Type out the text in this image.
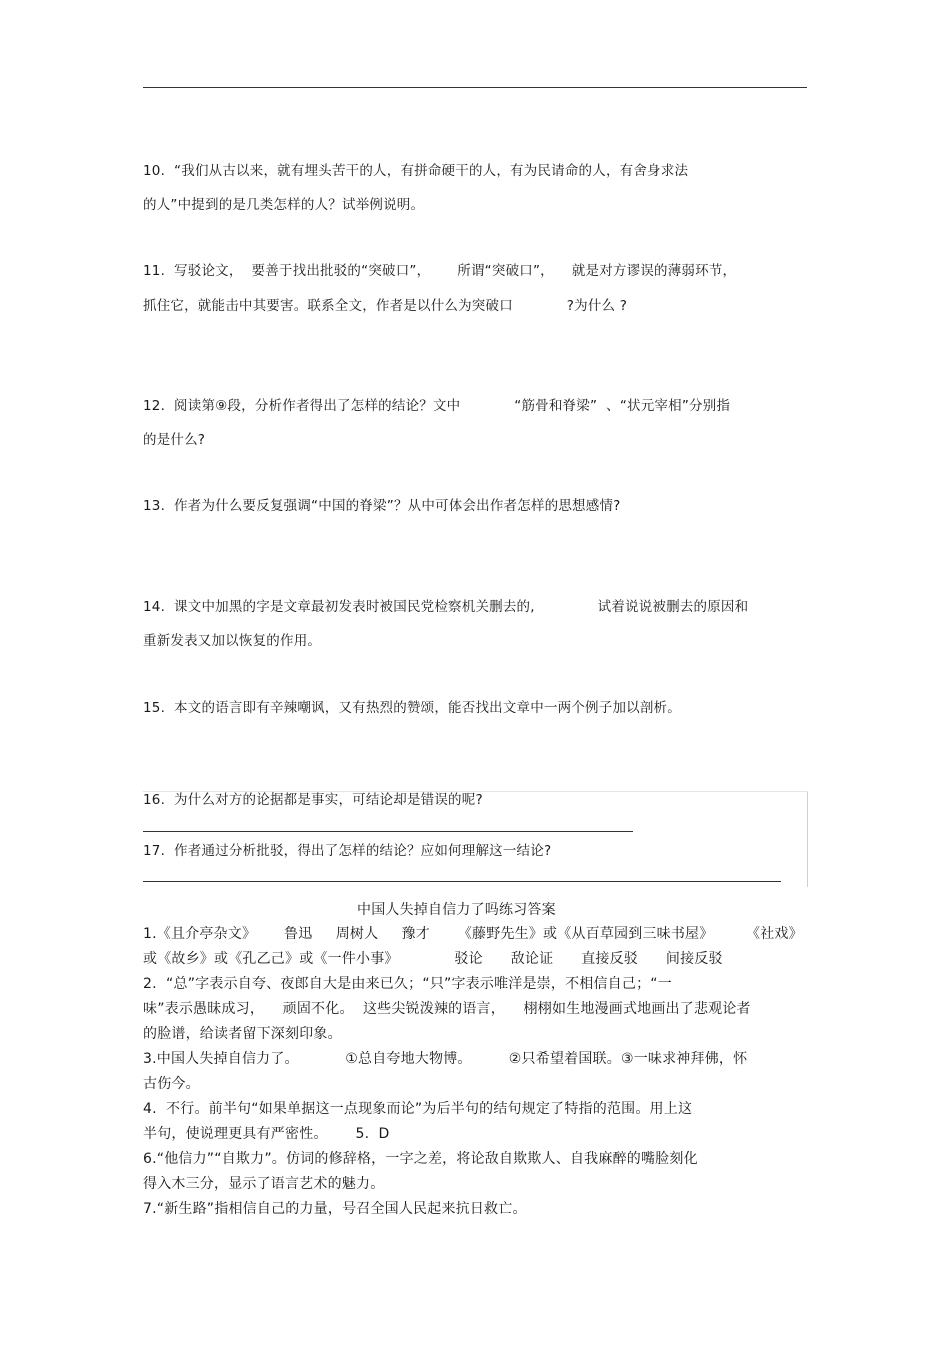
10.  “我们从古以来，就有埋头苦干的人，有拼命硬干的人，有为民请命的人，有舍身求法
的人”中提到的是几类怎样的人？试举例说明。
11.  写驳论文，  要善于找出批驳的“突破口”，      所谓“突破口”，    就是对方谬误的薄弱环节，
抓住它，就能击中其要害。联系全文，作者是以什么为突破口            ?为什么 ?
12.  阅读第⑨段，分析作者得出了怎样的结论？文中            “筋骨和脊梁”  、“状元宰相”分别指
的是什么?
13.  作者为什么要反复强调“中国的脊梁”？从中可体会出作者怎样的思想感情?
14.  课文中加黑的字是文章最初发表时被国民党检察机关删去的,              试着说说被删去的原因和
重新发表又加以恢复的作用。
15.  本文的语言即有辛辣嘲讽，又有热烈的赞颂，能否找出文章中一两个例子加以剖析。
16.  为什么对方的论据都是事实，可结论却是错误的呢?
17.  作者通过分析批驳，得出了怎样的结论？应如何理解这一结论?
中国人失掉自信力了吗练习答案
1.《且介亭杂文》      鲁迅     周树人     豫才      《藤野先生》或《从百草园到三味书屋》       《社戏》
或《故乡》或《孔乙己》或《一件小事》            驳论      敌论证      直接反驳      间接反驳
2.  “总”字表示自夸、夜郎自大是由来已久；“只”字表示唯洋是崇，不相信自己；“一
味”表示愚昧成习，    顽固不化。  这些尖锐泼辣的语言，    栩栩如生地漫画式地画出了悲观论者
的脸谱，给读者留下深刻印象。
3.中国人失掉自信力了。          ①总自夸地大物博。        ②只希望着国联。③一味求神拜佛，怀
古伤今。
4.  不行。前半句“如果单据这一点现象而论”为后半句的结句规定了特指的范围。用上这
半句，使说理更具有严密性。      5.  D
6.“他信力”“自欺力”。仿词的修辞格，一字之差，将论敌自欺欺人、自我麻醉的嘴脸刻化
得入木三分，显示了语言艺术的魅力。
7.“新生路”指相信自己的力量，号召全国人民起来抗日救亡。
